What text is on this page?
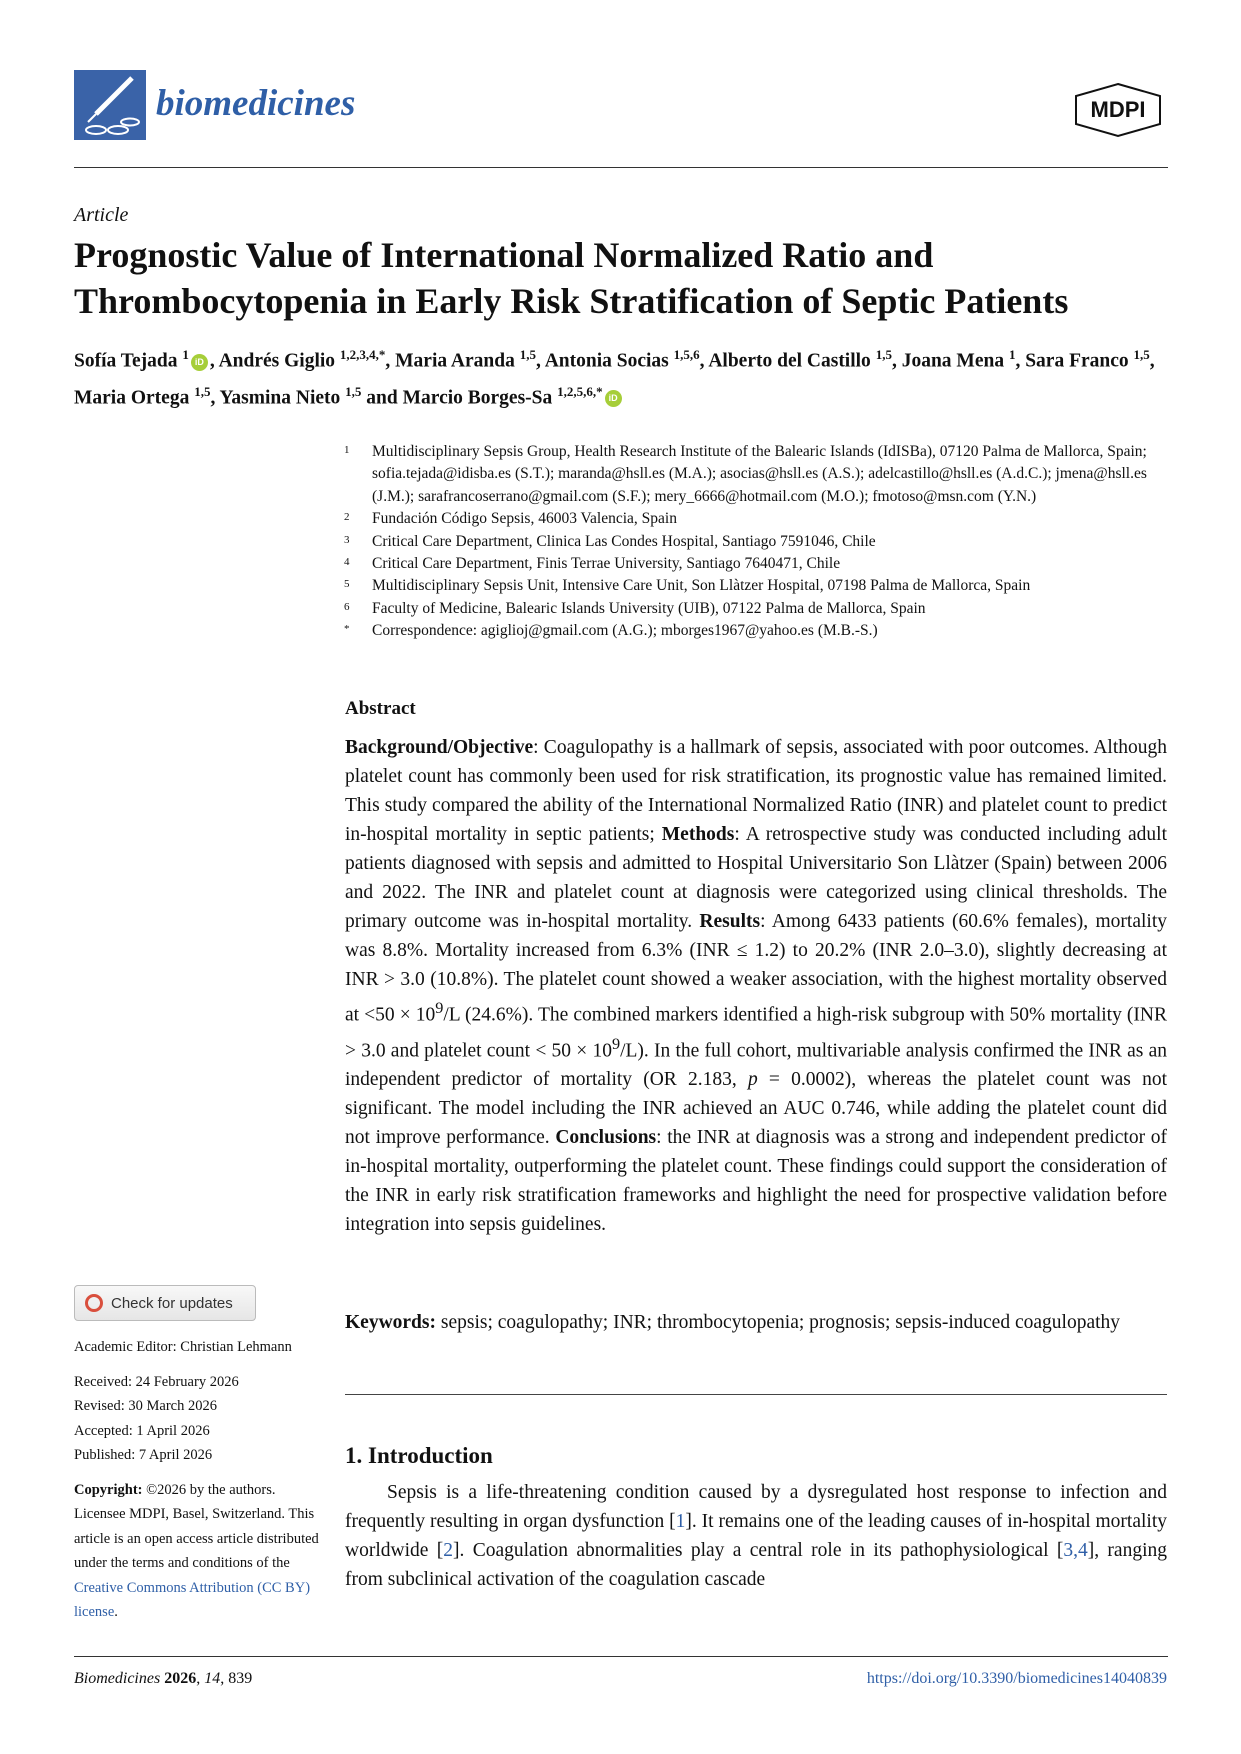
biomedicines	MDPI
Article
Prognostic Value of International Normalized Ratio and Thrombocytopenia in Early Risk Stratification of Septic Patients
Sofía Tejada $^1$ iD , Andrés Giglio $^{1,2,3,4,*}$, Maria Aranda $^{1,5}$, Antonia Socias $^{1,5,6}$, Alberto del Castillo $^{1,5}$, Joana Mena $^1$, Sara Franco $^{1,5}$, Maria Ortega $^{1,5}$, Yasmina Nieto $^{1,5}$ and Marcio Borges-Sa $^{1,2,5,6,*}$ iD
1	Multidisciplinary Sepsis Group, Health Research Institute of the Balearic Islands (IdISBa), 07120 Palma de Mallorca, Spain; sofia.tejada@idisba.es (S.T.); maranda@hsll.es (M.A.); asocias@hsll.es (A.S.); adelcastillo@hsll.es (A.d.C.); jmena@hsll.es (J.M.); sarafrancoserrano@gmail.com (S.F.); mery_6666@hotmail.com (M.O.); fmotoso@msn.com (Y.N.)
2	Fundación Código Sepsis, 46003 Valencia, Spain
3	Critical Care Department, Clinica Las Condes Hospital, Santiago 7591046, Chile
4	Critical Care Department, Finis Terrae University, Santiago 7640471, Chile
5	Multidisciplinary Sepsis Unit, Intensive Care Unit, Son Llàtzer Hospital, 07198 Palma de Mallorca, Spain
6	Faculty of Medicine, Balearic Islands University (UIB), 07122 Palma de Mallorca, Spain
*	Correspondence: agiglioj@gmail.com (A.G.); mborges1967@yahoo.es (M.B.-S.)
Abstract
Background/Objective: Coagulopathy is a hallmark of sepsis, associated with poor outcomes. Although platelet count has commonly been used for risk stratification, its prognostic value has remained limited. This study compared the ability of the International Normalized Ratio (INR) and platelet count to predict in-hospital mortality in septic patients; Methods: A retrospective study was conducted including adult patients diagnosed with sepsis and admitted to Hospital Universitario Son Llàtzer (Spain) between 2006 and 2022. The INR and platelet count at diagnosis were categorized using clinical thresholds. The primary outcome was in-hospital mortality. Results: Among 6433 patients (60.6% females), mortality was 8.8%. Mortality increased from 6.3% (INR ≤ 1.2) to 20.2% (INR 2.0–3.0), slightly decreasing at INR > 3.0 (10.8%). The platelet count showed a weaker association, with the highest mortality observed at $<50 \times 10^9/L$ (24.6%). The combined markers identified a high-risk subgroup with 50% mortality (INR > 3.0 and platelet count < $50 \times 10^9/L$). In the full cohort, multivariable analysis confirmed the INR as an independent predictor of mortality (OR 2.183, p = 0.0002), whereas the platelet count was not significant. The model including the INR achieved an AUC 0.746, while adding the platelet count did not improve performance. Conclusions: the INR at diagnosis was a strong and independent predictor of in-hospital mortality, outperforming the platelet count. These findings could support the consideration of the INR in early risk stratification frameworks and highlight the need for prospective validation before integration into sepsis guidelines.
Keywords: sepsis; coagulopathy; INR; thrombocytopenia; prognosis; sepsis-induced coagulopathy
1. Introduction
Sepsis is a life-threatening condition caused by a dysregulated host response to infection and frequently resulting in organ dysfunction [1]. It remains one of the leading causes of in-hospital mortality worldwide [2]. Coagulation abnormalities play a central role in its pathophysiological [3,4], ranging from subclinical activation of the coagulation cascade
Check for updates
Academic Editor: Christian Lehmann
Received: 24 February 2026
Revised: 30 March 2026
Accepted: 1 April 2026
Published: 7 April 2026
Copyright: ©2026 by the authors. Licensee MDPI, Basel, Switzerland. This article is an open access article distributed under the terms and conditions of the Creative Commons Attribution (CC BY) license.
Biomedicines 2026, 14, 839	https://doi.org/10.3390/biomedicines14040839
